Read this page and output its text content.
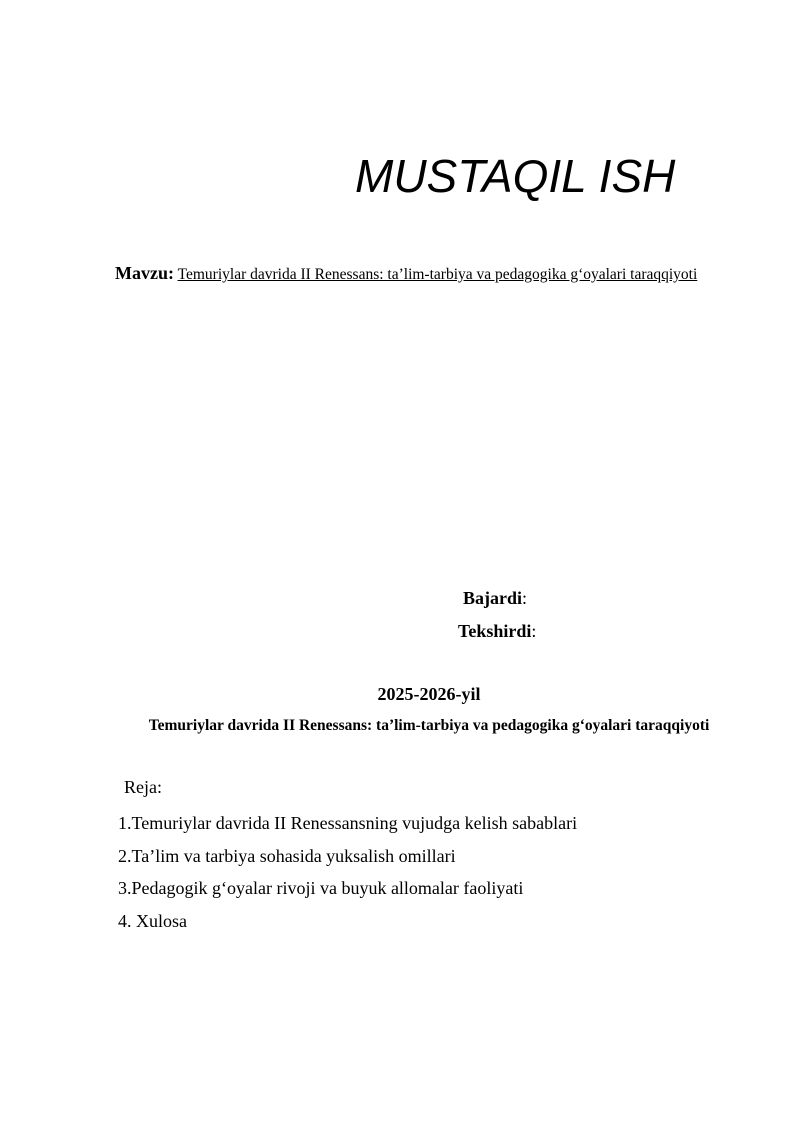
MUSTAQIL ISH
Mavzu: Temuriylar davrida II Renessans: ta’lim-tarbiya va pedagogika g‘oyalari taraqqiyoti
Bajardi:
Tekshirdi:
2025-2026-yil
Temuriylar davrida II Renessans: ta’lim-tarbiya va pedagogika g‘oyalari taraqqiyoti
Reja:
1.Temuriylar davrida II Renessansning vujudga kelish sabablari
2.Ta’lim va tarbiya sohasida yuksalish omillari
3.Pedagogik g‘oyalar rivoji va buyuk allomalar faoliyati
4. Xulosa
